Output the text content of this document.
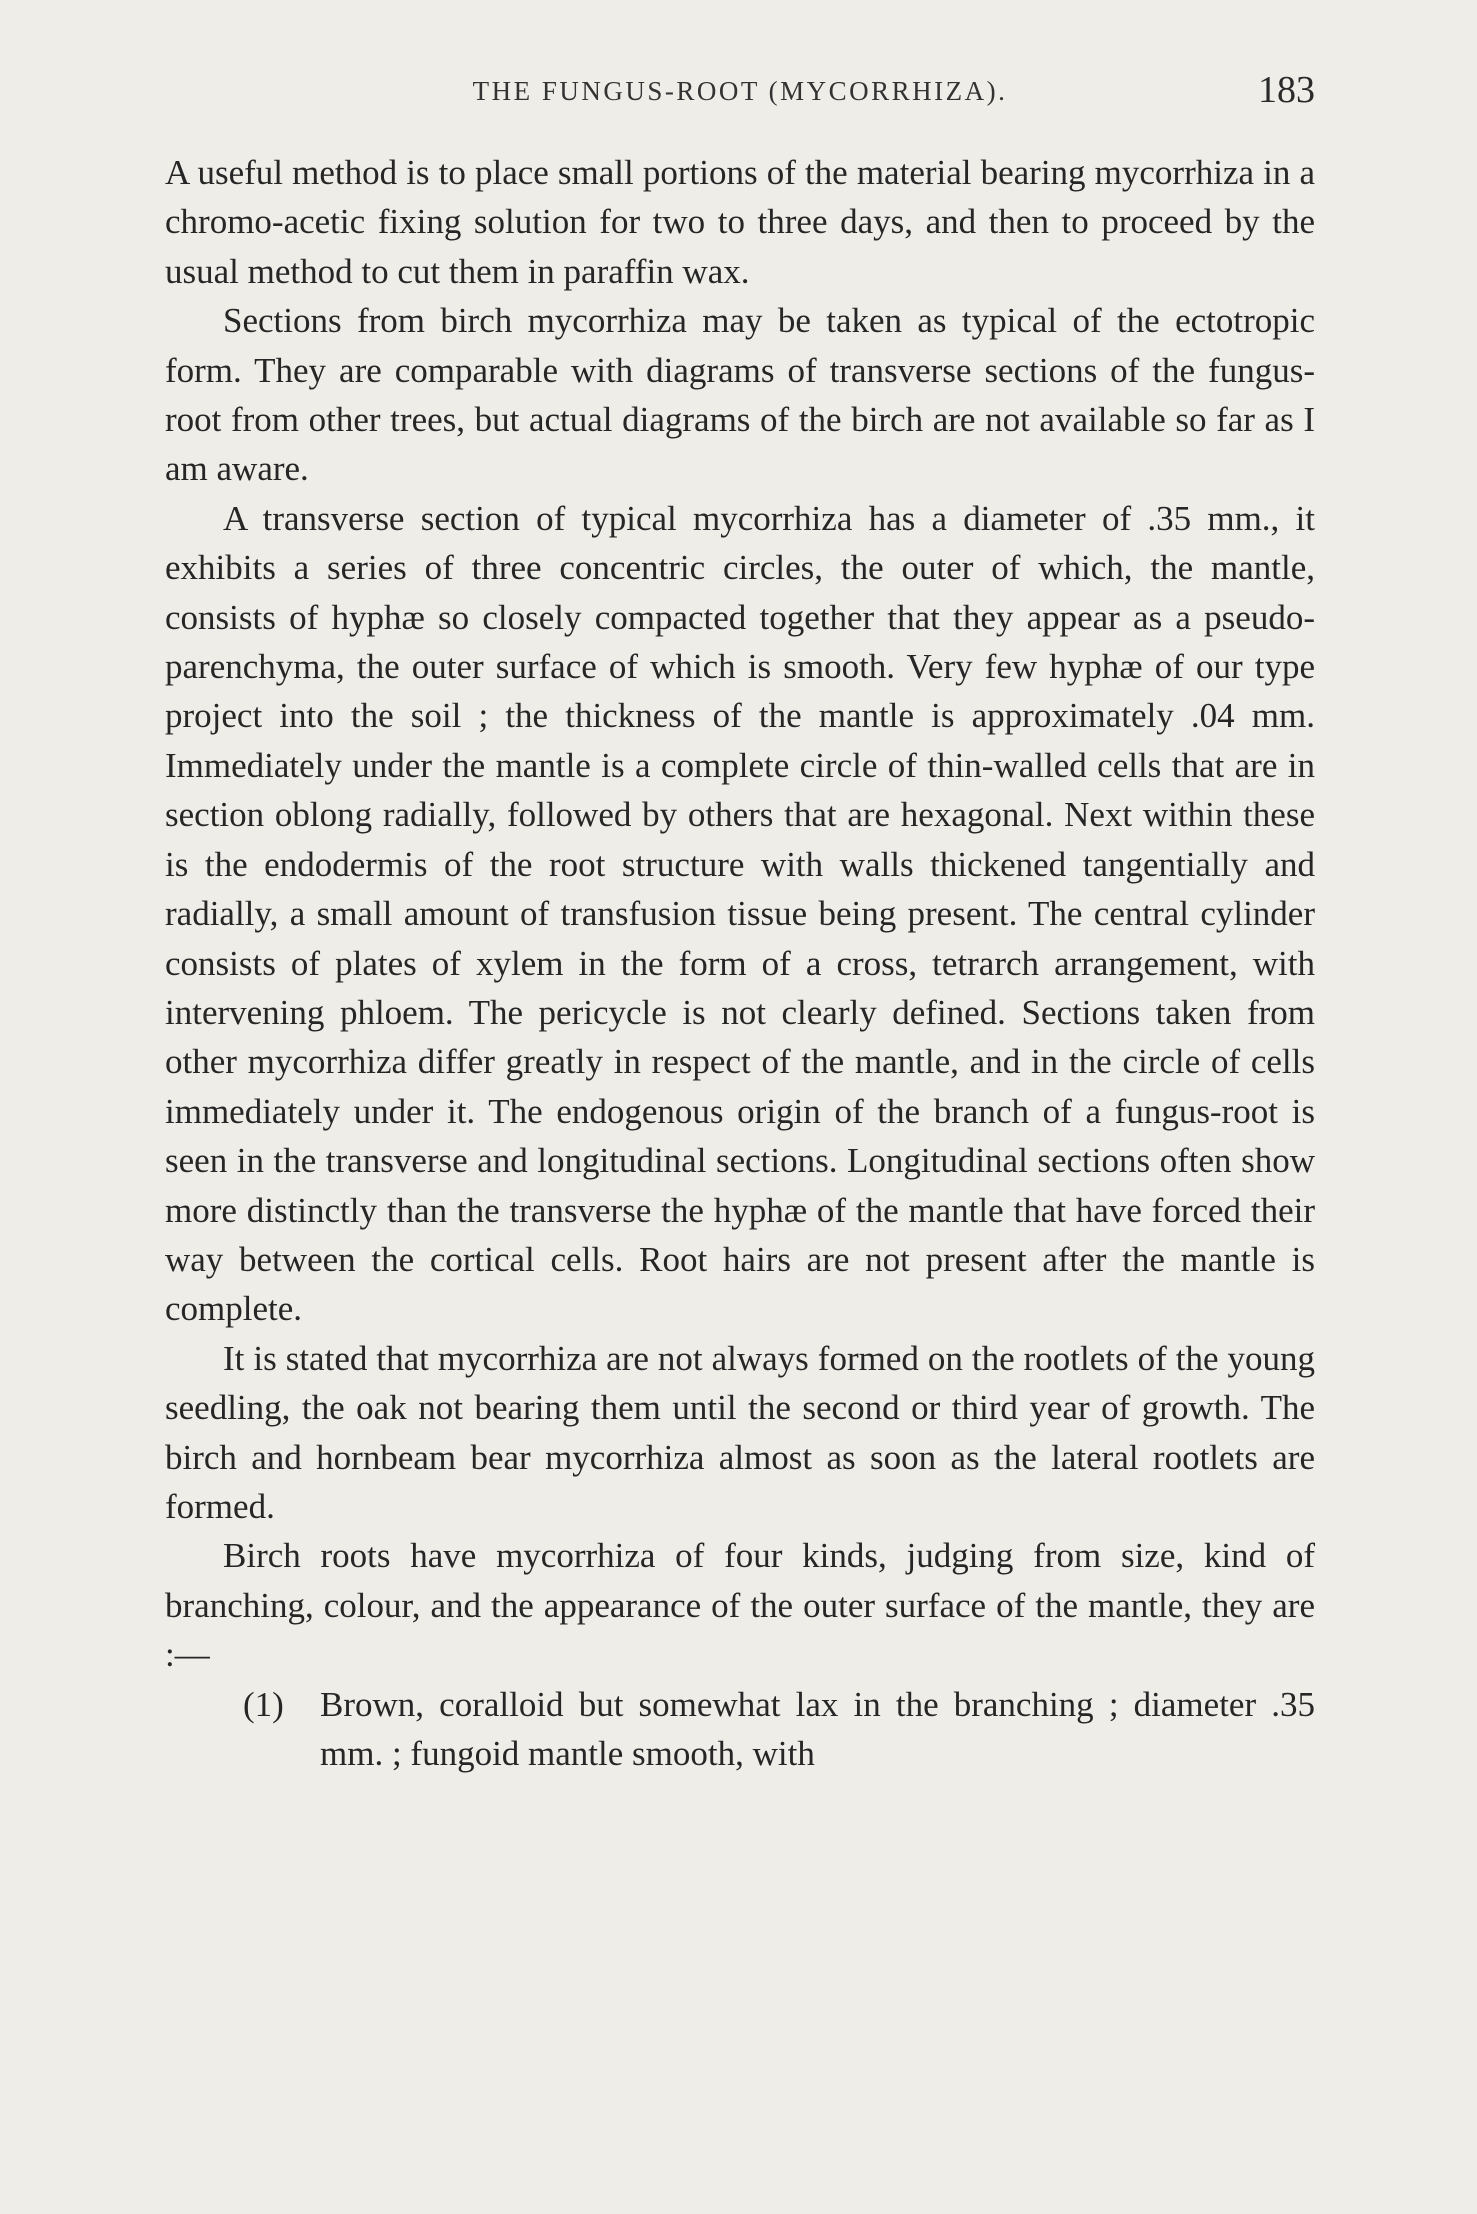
THE FUNGUS-ROOT (MYCORRHIZA).	183

A useful method is to place small portions of the material bearing mycorrhiza in a chromo-acetic fixing solution for two to three days, and then to proceed by the usual method to cut them in paraffin wax.

Sections from birch mycorrhiza may be taken as typical of the ectotropic form. They are comparable with diagrams of transverse sections of the fungus-root from other trees, but actual diagrams of the birch are not available so far as I am aware.

A transverse section of typical mycorrhiza has a diameter of .35 mm., it exhibits a series of three concentric circles, the outer of which, the mantle, consists of hyphæ so closely compacted together that they appear as a pseudo-parenchyma, the outer surface of which is smooth. Very few hyphæ of our type project into the soil ; the thickness of the mantle is approximately .04 mm. Immediately under the mantle is a complete circle of thin-walled cells that are in section oblong radially, followed by others that are hexagonal. Next within these is the endodermis of the root structure with walls thickened tangentially and radially, a small amount of transfusion tissue being present. The central cylinder consists of plates of xylem in the form of a cross, tetrarch arrangement, with intervening phloem. The pericycle is not clearly defined. Sections taken from other mycorrhiza differ greatly in respect of the mantle, and in the circle of cells immediately under it. The endogenous origin of the branch of a fungus-root is seen in the transverse and longitudinal sections. Longitudinal sections often show more distinctly than the transverse the hyphæ of the mantle that have forced their way between the cortical cells. Root hairs are not present after the mantle is complete.

It is stated that mycorrhiza are not always formed on the rootlets of the young seedling, the oak not bearing them until the second or third year of growth. The birch and hornbeam bear mycorrhiza almost as soon as the lateral rootlets are formed.

Birch roots have mycorrhiza of four kinds, judging from size, kind of branching, colour, and the appearance of the outer surface of the mantle, they are :—

(1) Brown, coralloid but somewhat lax in the branching ; diameter .35 mm. ; fungoid mantle smooth, with
